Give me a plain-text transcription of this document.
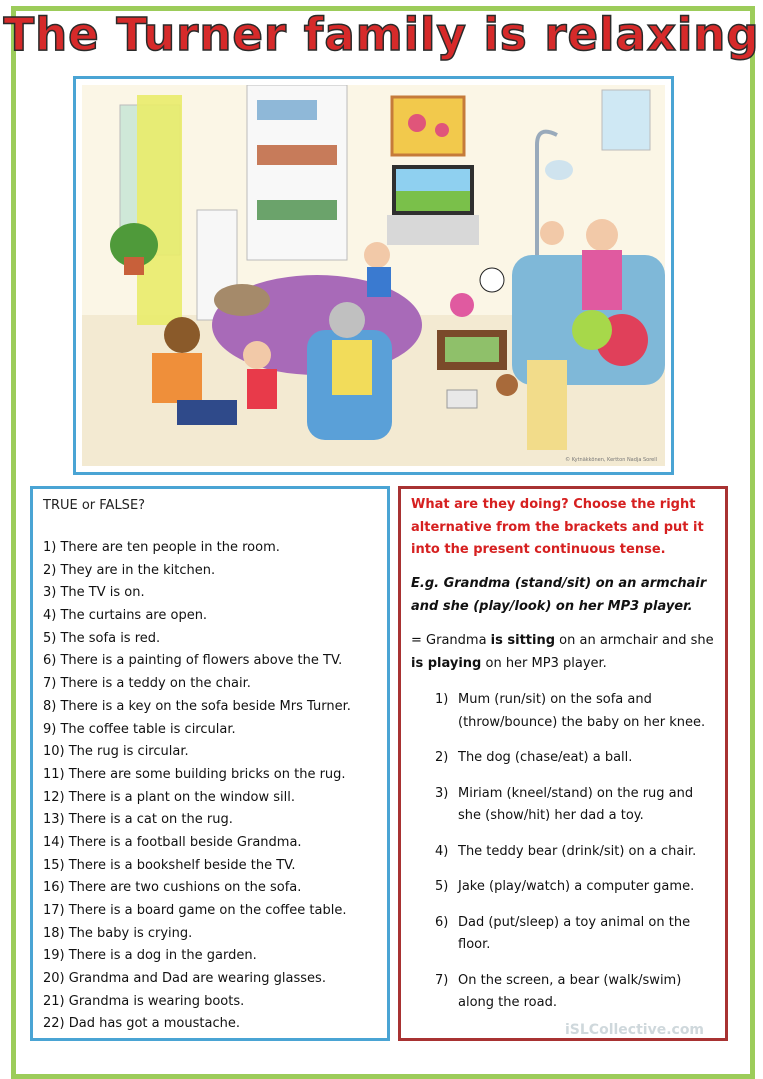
The Turner family is relaxing
© Kytnäkkönen, Kertton Nadja Sorell
TRUE or FALSE?
1) There are ten people in the room.
2) They are in the kitchen.
3) The TV is on.
4) The curtains are open.
5) The sofa is red.
6) There is a painting of flowers above the TV.
7) There is a teddy on the chair.
8) There is a key on the sofa beside Mrs Turner.
9) The coffee table is circular.
10) The rug is circular.
11) There are some building bricks on the rug.
12) There is a plant on the window sill.
13) There is a cat on the rug.
14) There is a football beside Grandma.
15) There is a bookshelf beside the TV.
16) There are two cushions on the sofa.
17) There is a board game on the coffee table.
18) The baby is crying.
19) There is a dog in the garden.
20) Grandma and Dad are wearing glasses.
21) Grandma is wearing boots.
22) Dad has got a moustache.
What are they doing? Choose the right alternative from the brackets and put it into the present continuous tense.
E.g. Grandma (stand/sit) on an armchair and she (play/look) on her MP3 player.
= Grandma is sitting on an armchair and she is playing on her MP3 player.
1) Mum (run/sit) on the sofa and (throw/bounce) the baby on her knee.
2) The dog (chase/eat) a ball.
3) Miriam (kneel/stand) on the rug and she (show/hit) her dad a toy.
4) The teddy bear (drink/sit) on a chair.
5) Jake (play/watch) a computer game.
6) Dad (put/sleep) a toy animal on the floor.
7) On the screen, a bear (walk/swim) along the road.
iSLCollective.com
